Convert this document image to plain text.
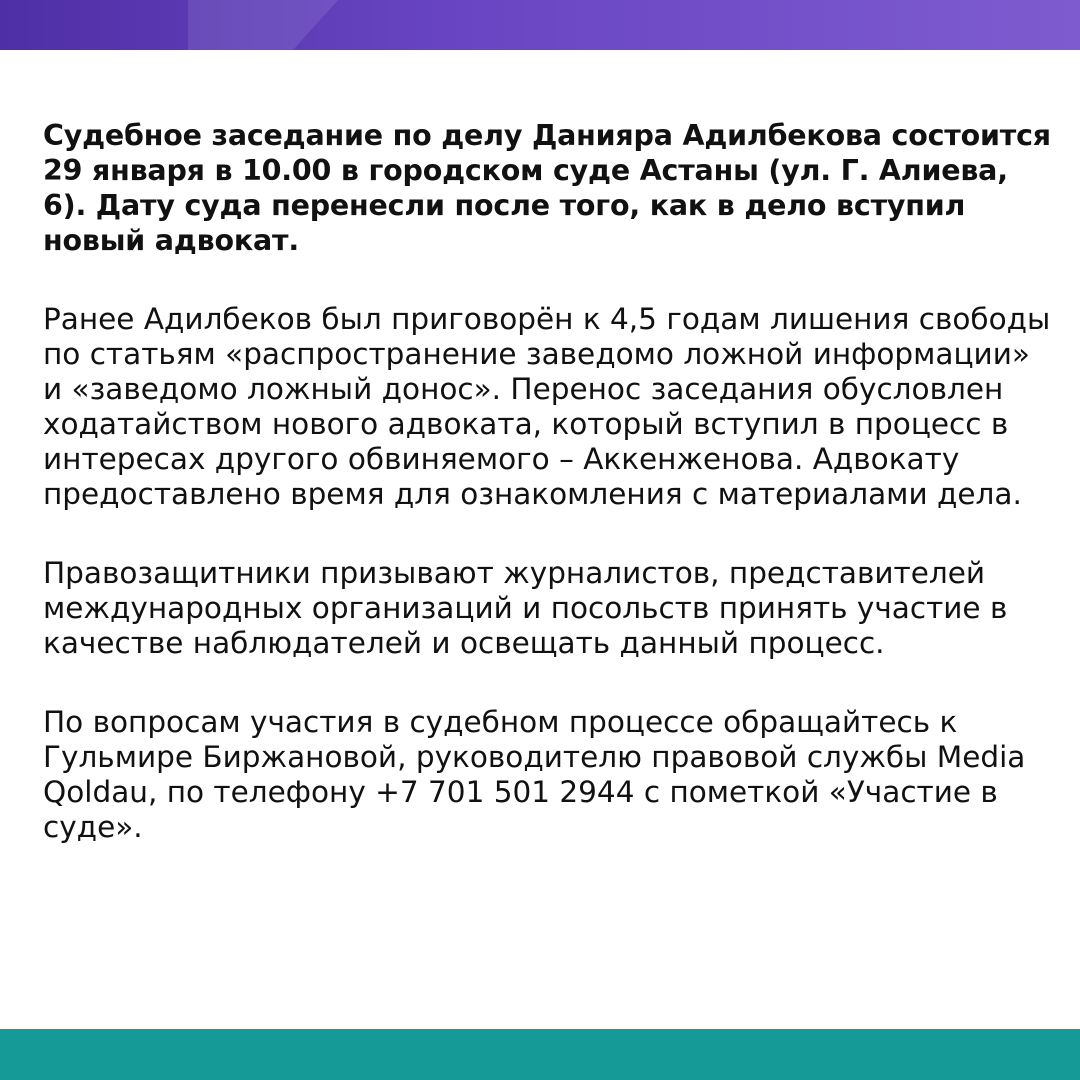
Судебное заседание по делу Данияра Адилбекова состоится 29 января в 10.00 в городском суде Астаны (ул. Г. Алиева, 6). Дату суда перенесли после того, как в дело вступил новый адвокат.

Ранее Адилбеков был приговорён к 4,5 годам лишения свободы по статьям «распространение заведомо ложной информации» и «заведомо ложный донос». Перенос заседания обусловлен ходатайством нового адвоката, который вступил в процесс в интересах другого обвиняемого – Аккенженова. Адвокату предоставлено время для ознакомления с материалами дела.

Правозащитники призывают журналистов, представителей международных организаций и посольств принять участие в качестве наблюдателей и освещать данный процесс.

По вопросам участия в судебном процессе обращайтесь к Гульмире Биржановой, руководителю правовой службы Media Qoldau, по телефону +7 701 501 2944 с пометкой «Участие в суде».
